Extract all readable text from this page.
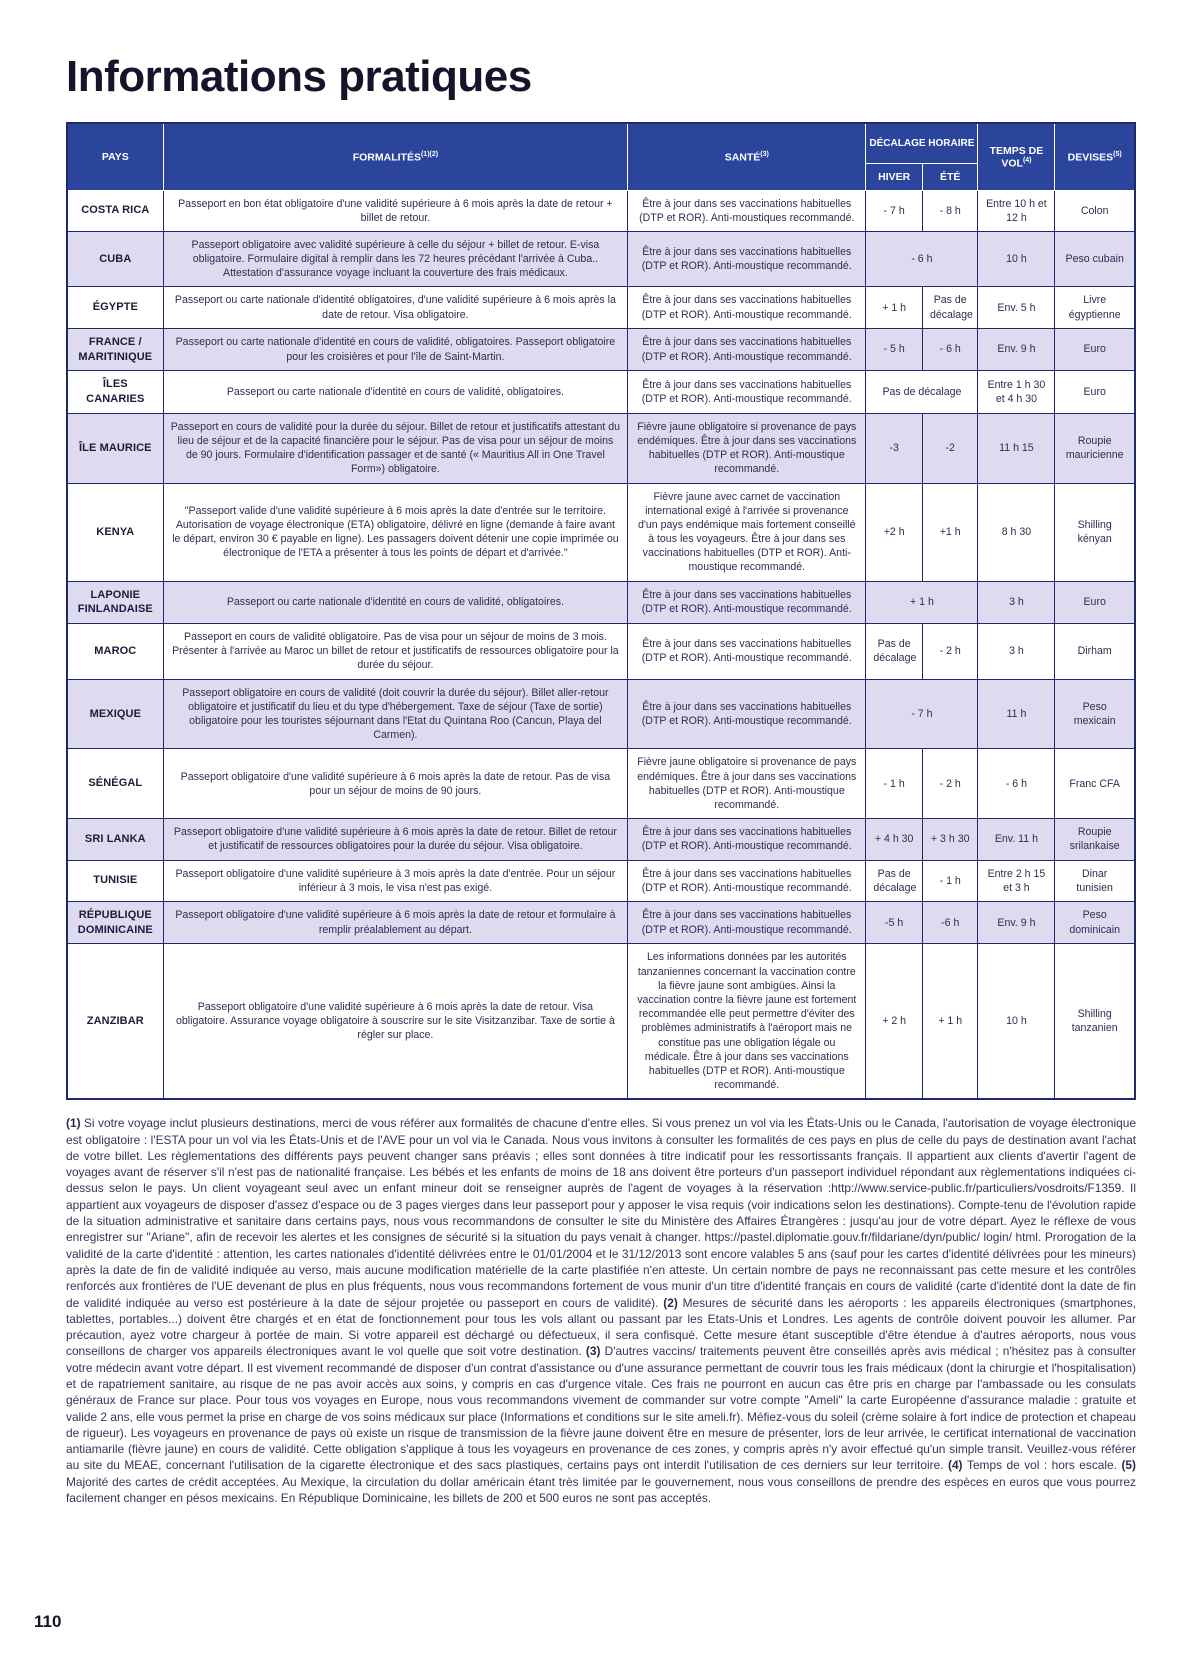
Informations pratiques
PAYS	$FORMALITÉS^{(1)(2)}$	SANTÉ$^{(3)}$	DÉCALAGE HORAIRE		TEMPS DE VOL$^{(4)}$	DEVISES$^{(5)}$
			HIVER	ÉTÉ		
COSTA RICA	Passeport en bon état obligatoire d'une validité supérieure à 6 mois après la date de retour + billet de retour.	Être à jour dans ses vaccinations habituelles (DTP et ROR). Anti-moustiques recommandé.	- 7 h	- 8 h	Entre 10 h et 12 h	Colon
CUBA	Passeport obligatoire avec validité supérieure à celle du séjour + billet de retour. E-visa obligatoire. Formulaire digital à remplir dans les 72 heures précédant l'arrivée à Cuba.. Attestation d'assurance voyage incluant la couverture des frais médicaux.	Être à jour dans ses vaccinations habituelles (DTP et ROR). Anti-moustique recommandé.	- 6 h		10 h	Peso cubain
ÉGYPTE	Passeport ou carte nationale d'identité obligatoires, d'une validité supérieure à 6 mois après la date de retour. Visa obligatoire.	Être à jour dans ses vaccinations habituelles (DTP et ROR). Anti-moustique recommandé.	+ 1 h	Pas de décalage	Env. 5 h	Livre égyptienne
FRANCE / MARITINIQUE	Passeport ou carte nationale d'identité en cours de validité, obligatoires. Passeport obligatoire pour les croisières et pour l'île de Saint-Martin.	Être à jour dans ses vaccinations habituelles (DTP et ROR). Anti-moustique recommandé.	- 5 h	- 6 h	Env. 9 h	Euro
ÎLES CANARIES	Passeport ou carte nationale d'identité en cours de validité, obligatoires.	Être à jour dans ses vaccinations habituelles (DTP et ROR). Anti-moustique recommandé.	Pas de décalage		Entre 1 h 30 et 4 h 30	Euro
ÎLE MAURICE	Passeport en cours de validité pour la durée du séjour. Billet de retour et justificatifs attestant du lieu de séjour et de la capacité financière pour le séjour. Pas de visa pour un séjour de moins de 90 jours. Formulaire d'identification passager et de santé (« Mauritius All in One Travel Form») obligatoire.	Fièvre jaune obligatoire si provenance de pays endémiques. Être à jour dans ses vaccinations habituelles (DTP et ROR). Anti-moustique recommandé.	-3	-2	11 h 15	Roupie mauricienne
KENYA	"Passeport valide d'une validité supérieure à 6 mois après la date d'entrée sur le territoire. Autorisation de voyage électronique (ETA) obligatoire, délivré en ligne (demande à faire avant le départ, environ 30 € payable en ligne). Les passagers doivent détenir une copie imprimée ou électronique de l'ETA a présenter à tous les points de départ et d'arrivée."	Fièvre jaune avec carnet de vaccination international exigé à l'arrivée si provenance d'un pays endémique mais fortement conseillé à tous les voyageurs. Être à jour dans ses vaccinations habituelles (DTP et ROR). Anti-moustique recommandé.	+2 h	+1 h	8 h 30	Shilling kényan
LAPONIE FINLANDAISE	Passeport ou carte nationale d'identité en cours de validité, obligatoires.	Être à jour dans ses vaccinations habituelles (DTP et ROR). Anti-moustique recommandé.	+ 1 h		3 h	Euro
MAROC	Passeport en cours de validité obligatoire. Pas de visa pour un séjour de moins de 3 mois. Présenter à l'arrivée au Maroc un billet de retour et justificatifs de ressources obligatoire pour la durée du séjour.	Être à jour dans ses vaccinations habituelles (DTP et ROR). Anti-moustique recommandé.	Pas de décalage	- 2 h	3 h	Dirham
MEXIQUE	Passeport obligatoire en cours de validité (doit couvrir la durée du séjour). Billet aller-retour obligatoire et justificatif du lieu et du type d'hébergement. Taxe de séjour (Taxe de sortie) obligatoire pour les touristes séjournant dans l'Etat du Quintana Roo (Cancun, Playa del Carmen).	Être à jour dans ses vaccinations habituelles (DTP et ROR). Anti-moustique recommandé.	- 7 h		11 h	Peso mexicain
SÉNÉGAL	Passeport obligatoire d'une validité supérieure à 6 mois après la date de retour. Pas de visa pour un séjour de moins de 90 jours.	Fièvre jaune obligatoire si provenance de pays endémiques. Être à jour dans ses vaccinations habituelles (DTP et ROR). Anti-moustique recommandé.	- 1 h	- 2 h	- 6 h	Franc CFA
SRI LANKA	Passeport obligatoire d'une validité supérieure à 6 mois après la date de retour. Billet de retour et justificatif de ressources obligatoires pour la durée du séjour. Visa obligatoire.	Être à jour dans ses vaccinations habituelles (DTP et ROR). Anti-moustique recommandé.	+ 4 h 30	+ 3 h 30	Env. 11 h	Roupie srilankaise
TUNISIE	Passeport obligatoire d'une validité supérieure à 3 mois après la date d'entrée. Pour un séjour inférieur à 3 mois, le visa n'est pas exigé.	Être à jour dans ses vaccinations habituelles (DTP et ROR). Anti-moustique recommandé.	Pas de décalage	- 1 h	Entre 2 h 15 et 3 h	Dinar tunisien
RÉPUBLIQUE DOMINICAINE	Passeport obligatoire d'une validité supérieure à 6 mois après la date de retour et formulaire à remplir préalablement au départ.	Être à jour dans ses vaccinations habituelles (DTP et ROR). Anti-moustique recommandé.	-5 h	-6 h	Env. 9 h	Peso dominicain
ZANZIBAR	Passeport obligatoire d'une validité supérieure à 6 mois après la date de retour. Visa obligatoire. Assurance voyage obligatoire à souscrire sur le site Visitzanzibar. Taxe de sortie à régler sur place.	Les informations données par les autorités tanzaniennes concernant la vaccination contre la fièvre jaune sont ambigües. Ainsi la vaccination contre la fièvre jaune est fortement recommandée elle peut permettre d'éviter des problèmes administratifs à l'aéroport mais ne constitue pas une obligation légale ou médicale. Être à jour dans ses vaccinations habituelles (DTP et ROR). Anti-moustique recommandé.	+ 2 h	+ 1 h	10 h	Shilling tanzanien

(1) Si votre voyage inclut plusieurs destinations, merci de vous référer aux formalités de chacune d'entre elles. Si vous prenez un vol via les États-Unis ou le Canada, l'autorisation de voyage électronique est obligatoire : l'ESTA pour un vol via les États-Unis et de l'AVE pour un vol via le Canada. Nous vous invitons à consulter les formalités de ces pays en plus de celle du pays de destination avant l'achat de votre billet. Les règlementations des différents pays peuvent changer sans préavis ; elles sont données à titre indicatif pour les ressortissants français. Il appartient aux clients d'avertir l'agent de voyages avant de réserver s'il n'est pas de nationalité française. Les bébés et les enfants de moins de 18 ans doivent être porteurs d'un passeport individuel répondant aux règlementations indiquées ci-dessus selon le pays. Un client voyageant seul avec un enfant mineur doit se renseigner auprès de l'agent de voyages à la réservation :http://www.service-public.fr/particuliers/vosdroits/F1359. Il appartient aux voyageurs de disposer d'assez d'espace ou de 3 pages vierges dans leur passeport pour y apposer le visa requis (voir indications selon les destinations). Compte-tenu de l'évolution rapide de la situation administrative et sanitaire dans certains pays, nous vous recommandons de consulter le site du Ministère des Affaires Étrangères : jusqu'au jour de votre départ. Ayez le réflexe de vous enregistrer sur "Ariane", afin de recevoir les alertes et les consignes de sécurité si la situation du pays venait à changer. https://pastel.diplomatie.gouv.fr/fildariane/dyn/public/ login/ html. Prorogation de la validité de la carte d'identité : attention, les cartes nationales d'identité délivrées entre le 01/01/2004 et le 31/12/2013 sont encore valables 5 ans (sauf pour les cartes d'identité délivrées pour les mineurs) après la date de fin de validité indiquée au verso, mais aucune modification matérielle de la carte plastifiée n'en atteste. Un certain nombre de pays ne reconnaissant pas cette mesure et les contrôles renforcés aux frontières de l'UE devenant de plus en plus fréquents, nous vous recommandons fortement de vous munir d'un titre d'identité français en cours de validité (carte d'identité dont la date de fin de validité indiquée au verso est postérieure à la date de séjour projetée ou passeport en cours de validité). (2) Mesures de sécurité dans les aéroports : les appareils électroniques (smartphones, tablettes, portables...) doivent être chargés et en état de fonctionnement pour tous les vols allant ou passant par les Etats-Unis et Londres. Les agents de contrôle doivent pouvoir les allumer. Par précaution, ayez votre chargeur à portée de main. Si votre appareil est déchargé ou défectueux, il sera confisqué. Cette mesure étant susceptible d'être étendue à d'autres aéroports, nous vous conseillons de charger vos appareils électroniques avant le vol quelle que soit votre destination. (3) D'autres vaccins/ traitements peuvent être conseillés après avis médical ; n'hésitez pas à consulter votre médecin avant votre départ. Il est vivement recommandé de disposer d'un contrat d'assistance ou d'une assurance permettant de couvrir tous les frais médicaux (dont la chirurgie et l'hospitalisation) et de rapatriement sanitaire, au risque de ne pas avoir accès aux soins, y compris en cas d'urgence vitale. Ces frais ne pourront en aucun cas être pris en charge par l'ambassade ou les consulats généraux de France sur place. Pour tous vos voyages en Europe, nous vous recommandons vivement de commander sur votre compte "Ameli" la carte Européenne d'assurance maladie : gratuite et valide 2 ans, elle vous permet la prise en charge de vos soins médicaux sur place (Informations et conditions sur le site ameli.fr). Méfiez-vous du soleil (crème solaire à fort indice de protection et chapeau de rigueur). Les voyageurs en provenance de pays où existe un risque de transmission de la fièvre jaune doivent être en mesure de présenter, lors de leur arrivée, le certificat international de vaccination antiamarile (fièvre jaune) en cours de validité. Cette obligation s'applique à tous les voyageurs en provenance de ces zones, y compris après n'y avoir effectué qu'un simple transit. Veuillez-vous référer au site du MEAE, concernant l'utilisation de la cigarette électronique et des sacs plastiques, certains pays ont interdit l'utilisation de ces derniers sur leur territoire. (4) Temps de vol : hors escale. (5) Majorité des cartes de crédit acceptées. Au Mexique, la circulation du dollar américain étant très limitée par le gouvernement, nous vous conseillons de prendre des espèces en euros que vous pourrez facilement changer en pésos mexicains. En République Dominicaine, les billets de 200 et 500 euros ne sont pas acceptés.

110
